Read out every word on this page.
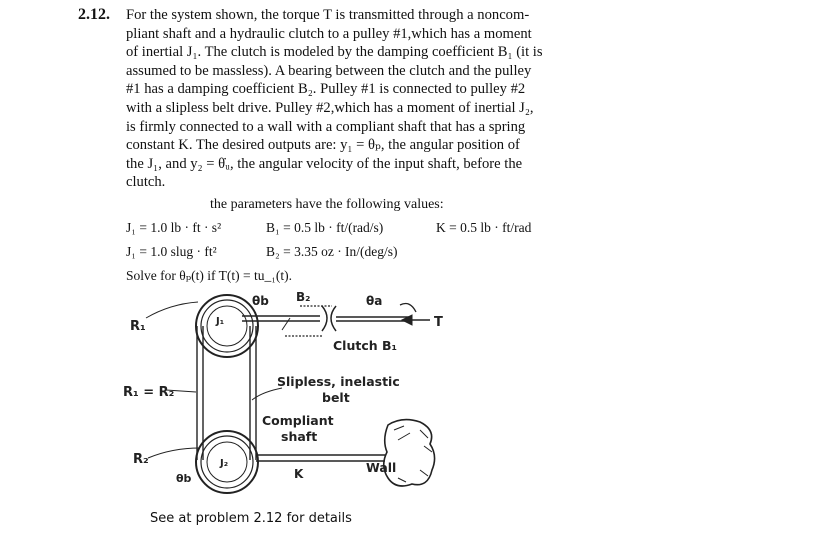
2.12. For the system shown, the torque T is transmitted through a noncom-
pliant shaft and a hydraulic clutch to a pulley #1,which has a moment
of inertial J₁. The clutch is modeled by the damping coefficient B₁ (it is
assumed to be massless). A bearing between the clutch and the pulley
#1 has a damping coefficient B₂. Pulley #1 is connected to pulley #2
with a slipless belt drive. Pulley #2,which has a moment of inertial J₂,
is firmly connected to a wall with a compliant shaft that has a spring
constant K. The desired outputs are: y₁ = θₚ, the angular position of
the J₁, and y₂ = θ̇ᵤ, the angular velocity of the input shaft, before the
clutch.
the parameters have the following values:
J₁ = 1.0 lb · ft · s²	B₁ = 0.5 lb · ft/(rad/s)	K = 0.5 lb · ft/rad
J₁ = 1.0 slug · ft²	B₂ = 3.35 oz · In/(deg/s)
Solve for θₚ(t) if T(t) = tu_₁(t).
R₁
R₁ = R₂
R₂
θb B₂	θa
T
J₁
J₂
Clutch B₁
Slipless, inelastic
belt
Compliant
shaft
K	Wall
θb
See at problem 2.12 for details
